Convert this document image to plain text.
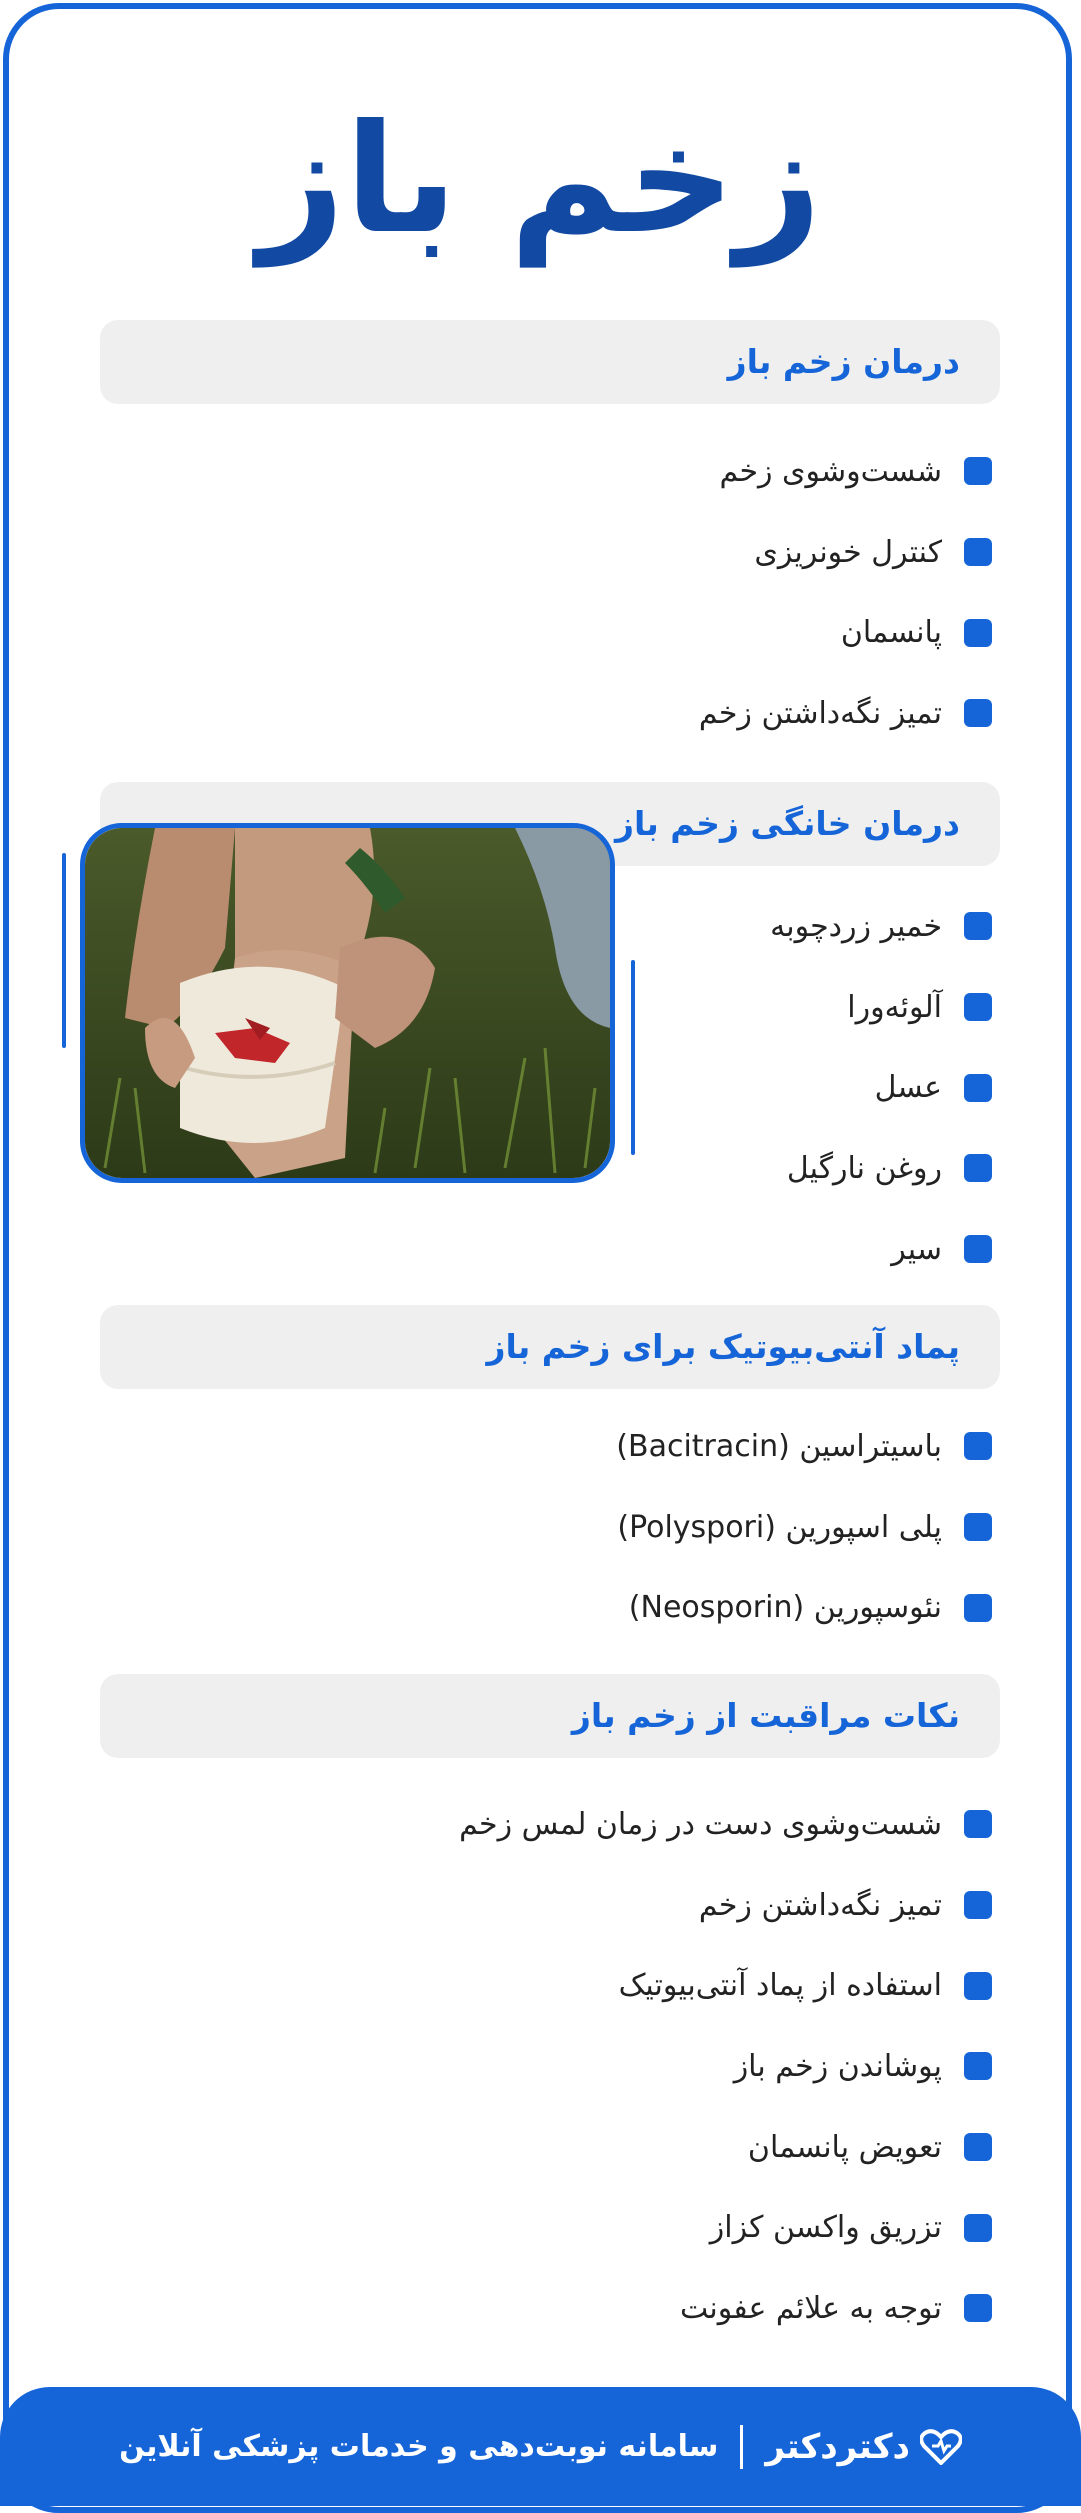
زخم باز
درمان زخم باز
شست‌وشوی زخم
کنترل خونریزی
پانسمان
تمیز نگه‌داشتن زخم
درمان خانگی زخم باز
خمیر زردچوبه
آلوئه‌ورا
عسل
روغن نارگیل
سیر
پماد آنتی‌بیوتیک برای زخم باز
باسیتراسین (Bacitracin)
پلی اسپورین (Polyspori)
نئوسپورین (Neosporin)
نکات مراقبت از زخم باز
شست‌وشوی دست در زمان لمس زخم
تمیز نگه‌داشتن زخم
استفاده از پماد آنتی‌بیوتیک
پوشاندن زخم باز
تعویض پانسمان
تزریق واکسن کزاز
توجه به علائم عفونت
دکتردکتر
سامانه نوبت‌دهی و خدمات پزشکی آنلاین
